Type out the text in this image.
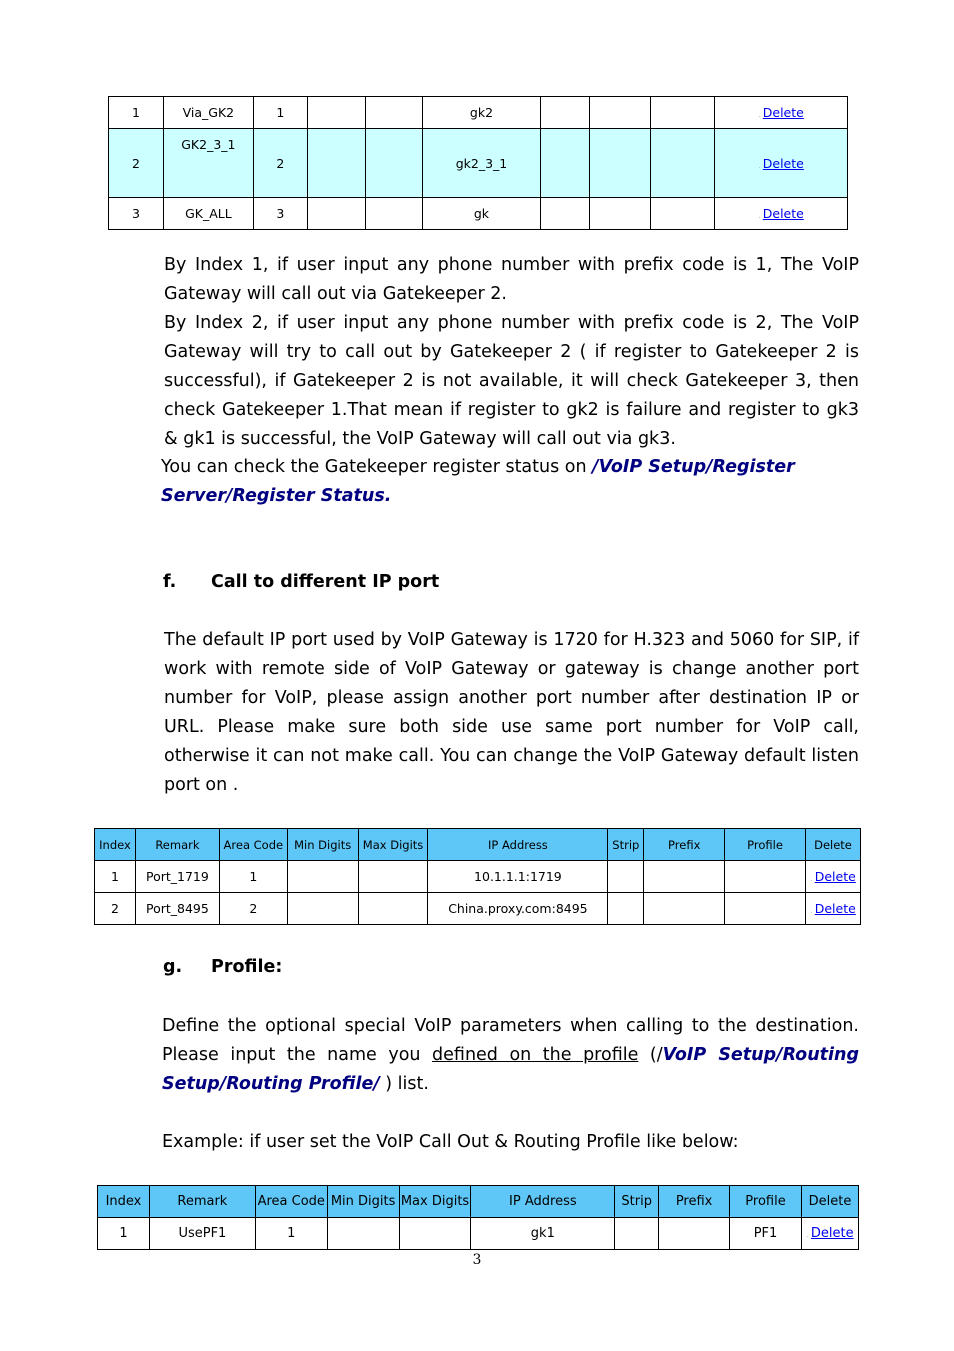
1	Via_GK2	1			gk2				. Delete
2	GK2_3_1	2			gk2_3_1				. Delete
3	GK_ALL	3			gk				. Delete

By Index 1, if user input any phone number with prefix code is 1, The VoIP Gateway will call out via Gatekeeper 2.

By Index 2, if user input any phone number with prefix code is 2, The VoIP Gateway will try to call out by Gatekeeper 2 ( if register to Gatekeeper 2 is successful), if Gatekeeper 2 is not available, it will check Gatekeeper 3, then check Gatekeeper 1.That mean if register to gk2 is failure and register to gk3 & gk1 is successful, the VoIP Gateway will call out via gk3.

You can check the Gatekeeper register status on /VoIP Setup/Register

Server/Register Status.

f. Call to different IP port

The default IP port used by VoIP Gateway is 1720 for H.323 and 5060 for SIP, if work with remote side of VoIP Gateway or gateway is change another port number for VoIP, please assign another port number after destination IP or URL. Please make sure both side use same port number for VoIP call, otherwise it can not make call. You can change the VoIP Gateway default listen port on .

Index	Remark	Area Code	Min Digits	Max Digits	IP Address	Strip	Prefix	Profile	Delete
1	Port_1719	1			10.1.1.1:1719				. Delete
2	Port_8495	2			China.proxy.com:8495				. Delete
g. Profile:

Define the optional special VoIP parameters when calling to the destination. Please input the name you defined on the profile (/VoIP Setup/Routing Setup/Routing Profile/ ) list.

Example: if user set the VoIP Call Out & Routing Profile like below:

Index	Remark	Area Code	Min Digits	Max Digits	IP Address	Strip	Prefix	Profile	Delete
1	UsePF1	1			gk1			PF1	. Delete
3
